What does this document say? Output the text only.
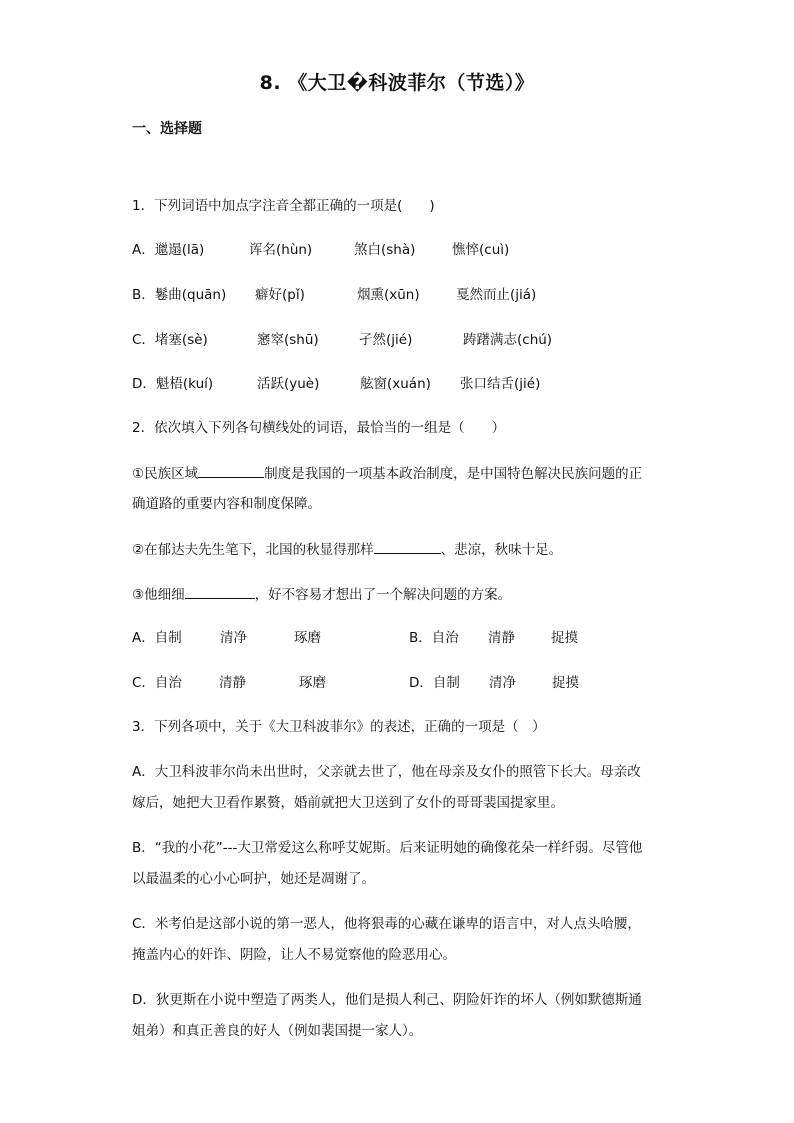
8. 《大卫�科波菲尔（节选）》
一、选择题
1．下列词语中加点字注音全都正确的一项是(　　)
A．邋遢(lā)	诨名(hùn)	煞白(shà)	憔悴(cuì)
B．鬈曲(quān) 癖好(pǐ)	烟熏(xūn)	戛然而止(jiá)
C．堵塞(sè)	窸窣(shū)	孑然(jié)	踌躇满志(chú)
D．魁梧(kuí)	活跃(yuè)	舷窗(xuán) 张口结舌(jié)
2．依次填入下列各句横线处的词语，最恰当的一组是（　　）
①民族区域	制度是我国的一项基本政治制度，是中国特色解决民族问题的正
确道路的重要内容和制度保障。
②在郁达夫先生笔下，北国的秋显得那样	、悲凉，秋味十足。
③他细细	，好不容易才想出了一个解决问题的方案。
A．自制	清净	琢磨	B．自治 清静	捉摸
C．自治	清静	琢磨	D．自制 清净	捉摸
3．下列各项中，关于《大卫科波菲尔》的表述，正确的一项是（　）
A．大卫科波菲尔尚未出世时，父亲就去世了，他在母亲及女仆的照管下长大。母亲改
嫁后，她把大卫看作累赘，婚前就把大卫送到了女仆的哥哥裴国提家里。
B．“我的小花”---大卫常爱这么称呼艾妮斯。后来证明她的确像花朵一样纤弱。尽管他
以最温柔的心小心呵护，她还是凋谢了。
C．米考伯是这部小说的第一恶人，他将狠毒的心藏在谦卑的语言中，对人点头哈腰，
掩盖内心的奸诈、阴险，让人不易觉察他的险恶用心。
D．狄更斯在小说中塑造了两类人，他们是损人利己、阴险奸诈的坏人（例如默德斯通
姐弟）和真正善良的好人（例如裴国提一家人）。
